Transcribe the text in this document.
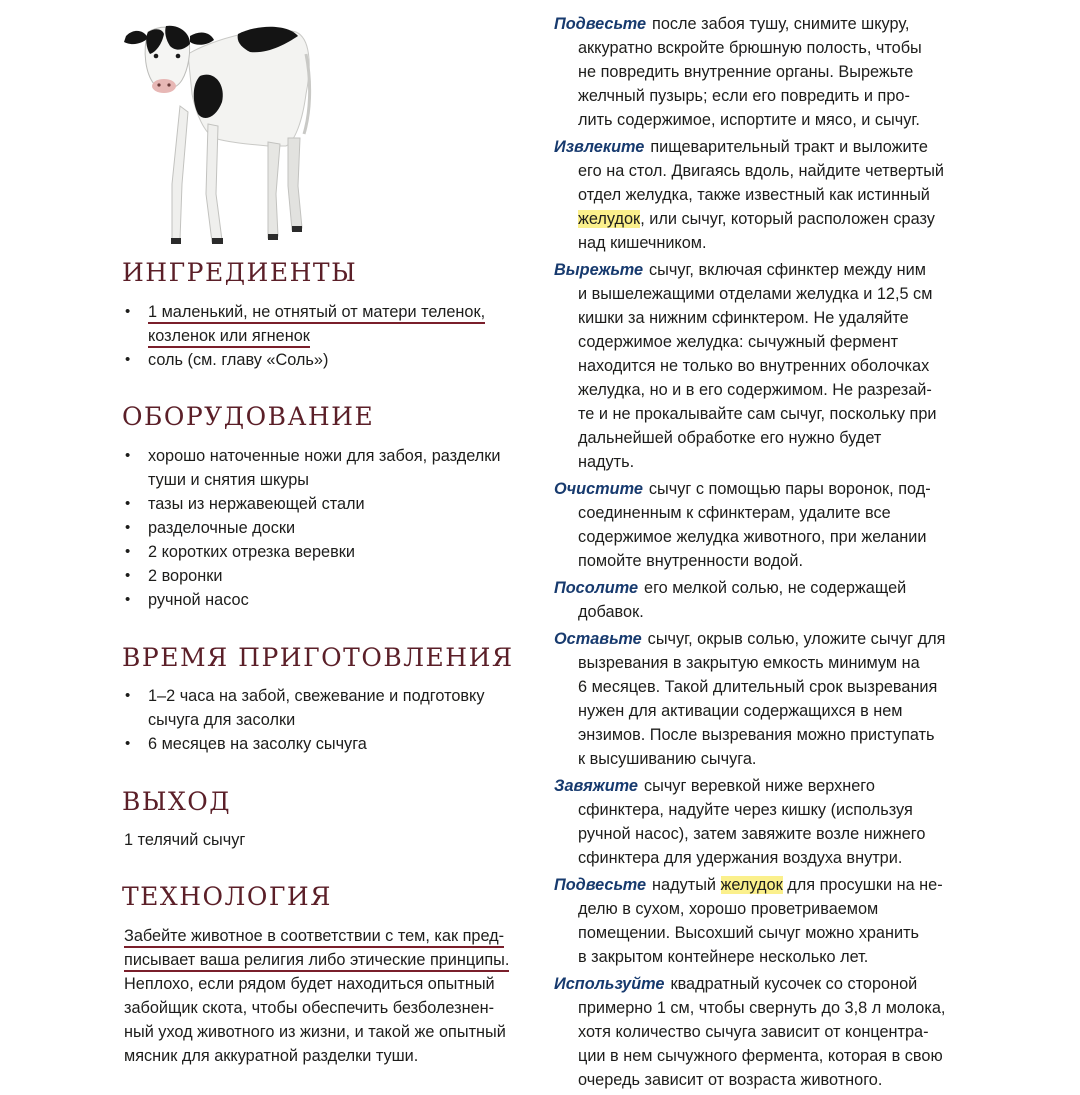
ИНГРЕДИЕНТЫ
• 1 маленький, не отнятый от матери теленок,
козленок или ягненок
• соль (см. главу «Соль»)
ОБОРУДОВАНИЕ
• хорошо наточенные ножи для забоя, разделки
туши и снятия шкуры
• тазы из нержавеющей стали
• разделочные доски
• 2 коротких отрезка веревки
• 2 воронки
• ручной насос
ВРЕМЯ ПРИГОТОВЛЕНИЯ
• 1–2 часа на забой, свежевание и подготовку
сычуга для засолки
• 6 месяцев на засолку сычуга
ВЫХОД
1 телячий сычуг
ТЕХНОЛОГИЯ
Забейте животное в соответствии с тем, как пред-
писывает ваша религия либо этические принципы.
Неплохо, если рядом будет находиться опытный
забойщик скота, чтобы обеспечить безболезнен-
ный уход животного из жизни, и такой же опытный
мясник для аккуратной разделки туши.
Подвесьте после забоя тушу, снимите шкуру,
аккуратно вскройте брюшную полость, чтобы
не повредить внутренние органы. Вырежьте
желчный пузырь; если его повредить и про-
лить содержимое, испортите и мясо, и сычуг.
Извлеките пищеварительный тракт и выложите
его на стол. Двигаясь вдоль, найдите четвертый
отдел желудка, также известный как истинный
желудок, или сычуг, который расположен сразу
над кишечником.
Вырежьте сычуг, включая сфинктер между ним
и вышележащими отделами желудка и 12,5 см
кишки за нижним сфинктером. Не удаляйте
содержимое желудка: сычужный фермент
находится не только во внутренних оболочках
желудка, но и в его содержимом. Не разрезай-
те и не прокалывайте сам сычуг, поскольку при
дальнейшей обработке его нужно будет
надуть.
Очистите сычуг с помощью пары воронок, под-
соединенным к сфинктерам, удалите все
содержимое желудка животного, при желании
помойте внутренности водой.
Посолите его мелкой солью, не содержащей
добавок.
Оставьте сычуг, окрыв солью, уложите сычуг для
вызревания в закрытую емкость минимум на
6 месяцев. Такой длительный срок вызревания
нужен для активации содержащихся в нем
энзимов. После вызревания можно приступать
к высушиванию сычуга.
Завяжите сычуг веревкой ниже верхнего
сфинктера, надуйте через кишку (используя
ручной насос), затем завяжите возле нижнего
сфинктера для удержания воздуха внутри.
Подвесьте надутый желудок для просушки на не-
делю в сухом, хорошо проветриваемом
помещении. Высохший сычуг можно хранить
в закрытом контейнере несколько лет.
Используйте квадратный кусочек со стороной
примерно 1 см, чтобы свернуть до 3,8 л молока,
хотя количество сычуга зависит от концентра-
ции в нем сычужного фермента, которая в свою
очередь зависит от возраста животного.
